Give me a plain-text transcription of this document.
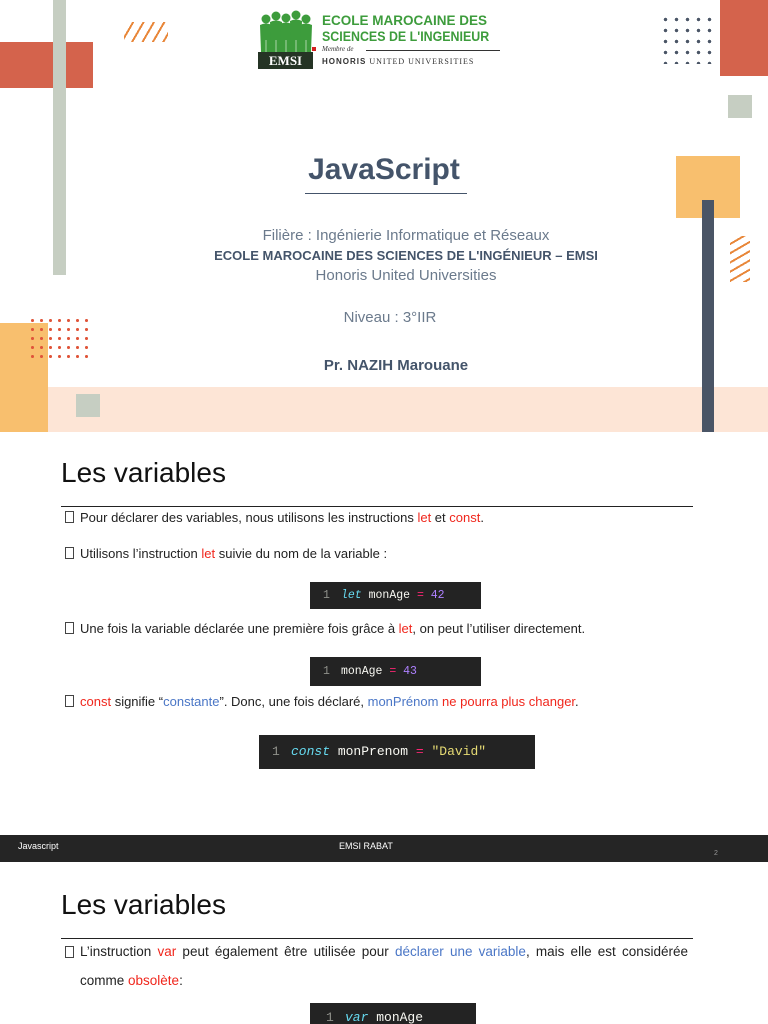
EMSI
ECOLE MAROCAINE DES
SCIENCES DE L'INGENIEUR
Membre de
HONORIS UNITED UNIVERSITIES
JavaScript
Filière : Ingénierie Informatique et Réseaux
ECOLE MAROCAINE DES SCIENCES DE L'INGÉNIEUR – EMSI
Honoris United Universities
Niveau : 3°IIR
Pr. NAZIH Marouane
Les variables
Pour déclarer des variables, nous utilisons les instructions let et const.
Utilisons l’instruction let suivie du nom de la variable :
1 let monAge = 42
Une fois la variable déclarée une première fois grâce à let, on peut l’utiliser directement.
1 monAge = 43
const signifie “constante”. Donc, une fois déclaré, monPrénom ne pourra plus changer.
1 const monPrenom = "David"
Javascript	EMSI RABAT
2
Les variables
L’instruction var peut également être utilisée pour déclarer une variable, mais elle est considérée comme obsolète:
1 var monAge
